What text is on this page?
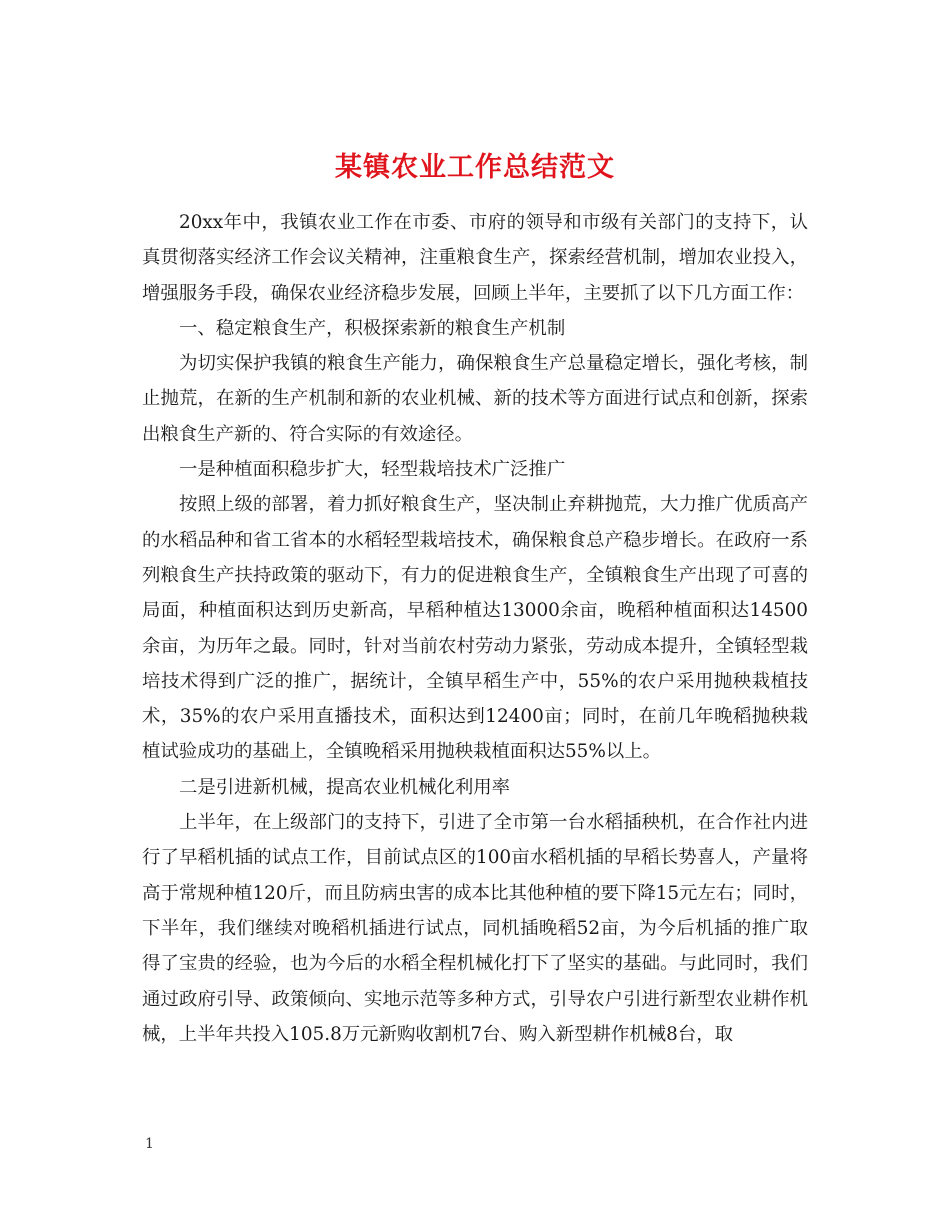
某镇农业工作总结范文

20xx年中，我镇农业工作在市委、市府的领导和市级有关部门的支持下，认真贯彻落实经济工作会议关精神，注重粮食生产，探索经营机制，增加农业投入，增强服务手段，确保农业经济稳步发展，回顾上半年，主要抓了以下几方面工作：

一、稳定粮食生产，积极探索新的粮食生产机制

为切实保护我镇的粮食生产能力，确保粮食生产总量稳定增长，强化考核，制止抛荒，在新的生产机制和新的农业机械、新的技术等方面进行试点和创新，探索出粮食生产新的、符合实际的有效途径。

一是种植面积稳步扩大，轻型栽培技术广泛推广

按照上级的部署，着力抓好粮食生产，坚决制止弃耕抛荒，大力推广优质高产的水稻品种和省工省本的水稻轻型栽培技术，确保粮食总产稳步增长。在政府一系列粮食生产扶持政策的驱动下，有力的促进粮食生产，全镇粮食生产出现了可喜的局面，种植面积达到历史新高，早稻种植达13000余亩，晚稻种植面积达14500余亩，为历年之最。同时，针对当前农村劳动力紧张，劳动成本提升，全镇轻型栽培技术得到广泛的推广，据统计，全镇早稻生产中，55%的农户采用抛秧栽植技术，35%的农户采用直播技术，面积达到12400亩；同时，在前几年晚稻抛秧栽植试验成功的基础上，全镇晚稻采用抛秧栽植面积达55%以上。

二是引进新机械，提高农业机械化利用率

上半年，在上级部门的支持下，引进了全市第一台水稻插秧机，在合作社内进行了早稻机插的试点工作，目前试点区的100亩水稻机插的早稻长势喜人，产量将高于常规种植120斤，而且防病虫害的成本比其他种植的要下降15元左右；同时，下半年，我们继续对晚稻机插进行试点，同机插晚稻52亩，为今后机插的推广取得了宝贵的经验，也为今后的水稻全程机械化打下了坚实的基础。与此同时，我们通过政府引导、政策倾向、实地示范等多种方式，引导农户引进行新型农业耕作机械，上半年共投入105.8万元新购收割机7台、购入新型耕作机械8台，取

1
